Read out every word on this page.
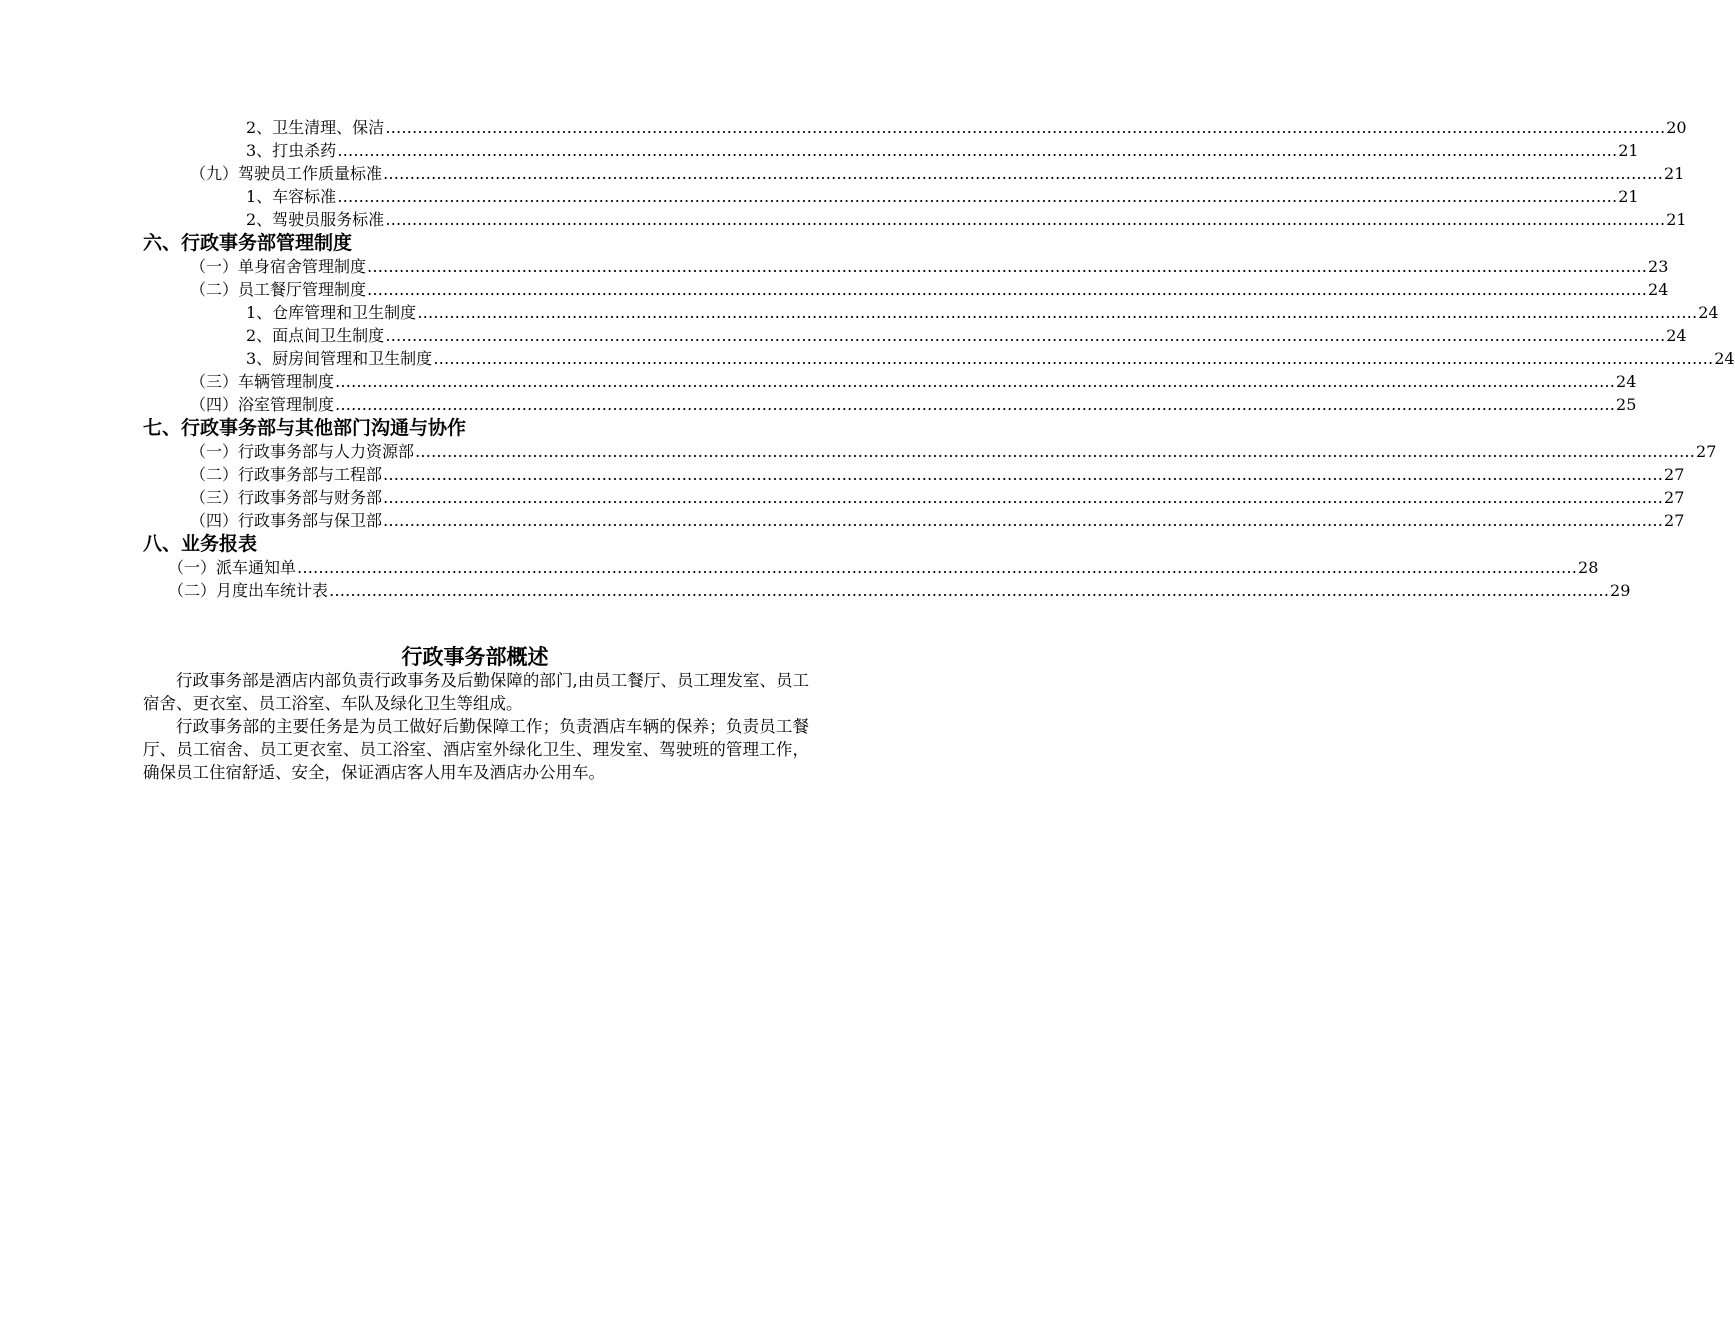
2、卫生清理、保洁 …………………………………………………………………………………………………………………………………………………………………………………………………………………… 20
3、打虫杀药 …………………………………………………………………………………………………………………………………………………………………………………………………………………… 21
（九）驾驶员工作质量标准 …………………………………………………………………………………………………………………………………………………………………………………………………………………… 21
1、车容标准 …………………………………………………………………………………………………………………………………………………………………………………………………………………… 21
2、驾驶员服务标准 …………………………………………………………………………………………………………………………………………………………………………………………………………………… 21
六、行政事务部管理制度
（一）单身宿舍管理制度 …………………………………………………………………………………………………………………………………………………………………………………………………………………… 23
（二）员工餐厅管理制度 …………………………………………………………………………………………………………………………………………………………………………………………………………………… 24
1、仓库管理和卫生制度 …………………………………………………………………………………………………………………………………………………………………………………………………………………… 24
2、面点间卫生制度 …………………………………………………………………………………………………………………………………………………………………………………………………………………… 24
3、厨房间管理和卫生制度 …………………………………………………………………………………………………………………………………………………………………………………………………………………… 24
（三）车辆管理制度 …………………………………………………………………………………………………………………………………………………………………………………………………………………… 24
（四）浴室管理制度 …………………………………………………………………………………………………………………………………………………………………………………………………………………… 25
七、行政事务部与其他部门沟通与协作
（一）行政事务部与人力资源部 …………………………………………………………………………………………………………………………………………………………………………………………………………………… 27
（二）行政事务部与工程部 …………………………………………………………………………………………………………………………………………………………………………………………………………………… 27
（三）行政事务部与财务部 …………………………………………………………………………………………………………………………………………………………………………………………………………………… 27
（四）行政事务部与保卫部 …………………………………………………………………………………………………………………………………………………………………………………………………………………… 27
八、业务报表
（一）派车通知单 …………………………………………………………………………………………………………………………………………………………………………………………………………………… 28
（二）月度出车统计表 …………………………………………………………………………………………………………………………………………………………………………………………………………………… 29
行政事务部概述

行政事务部是酒店内部负责行政事务及后勤保障的部门,由员工餐厅、员工理发室、员工宿舍、更衣室、员工浴室、车队及绿化卫生等组成。

行政事务部的主要任务是为员工做好后勤保障工作；负责酒店车辆的保养；负责员工餐厅、员工宿舍、员工更衣室、员工浴室、酒店室外绿化卫生、理发室、驾驶班的管理工作，确保员工住宿舒适、安全，保证酒店客人用车及酒店办公用车。
